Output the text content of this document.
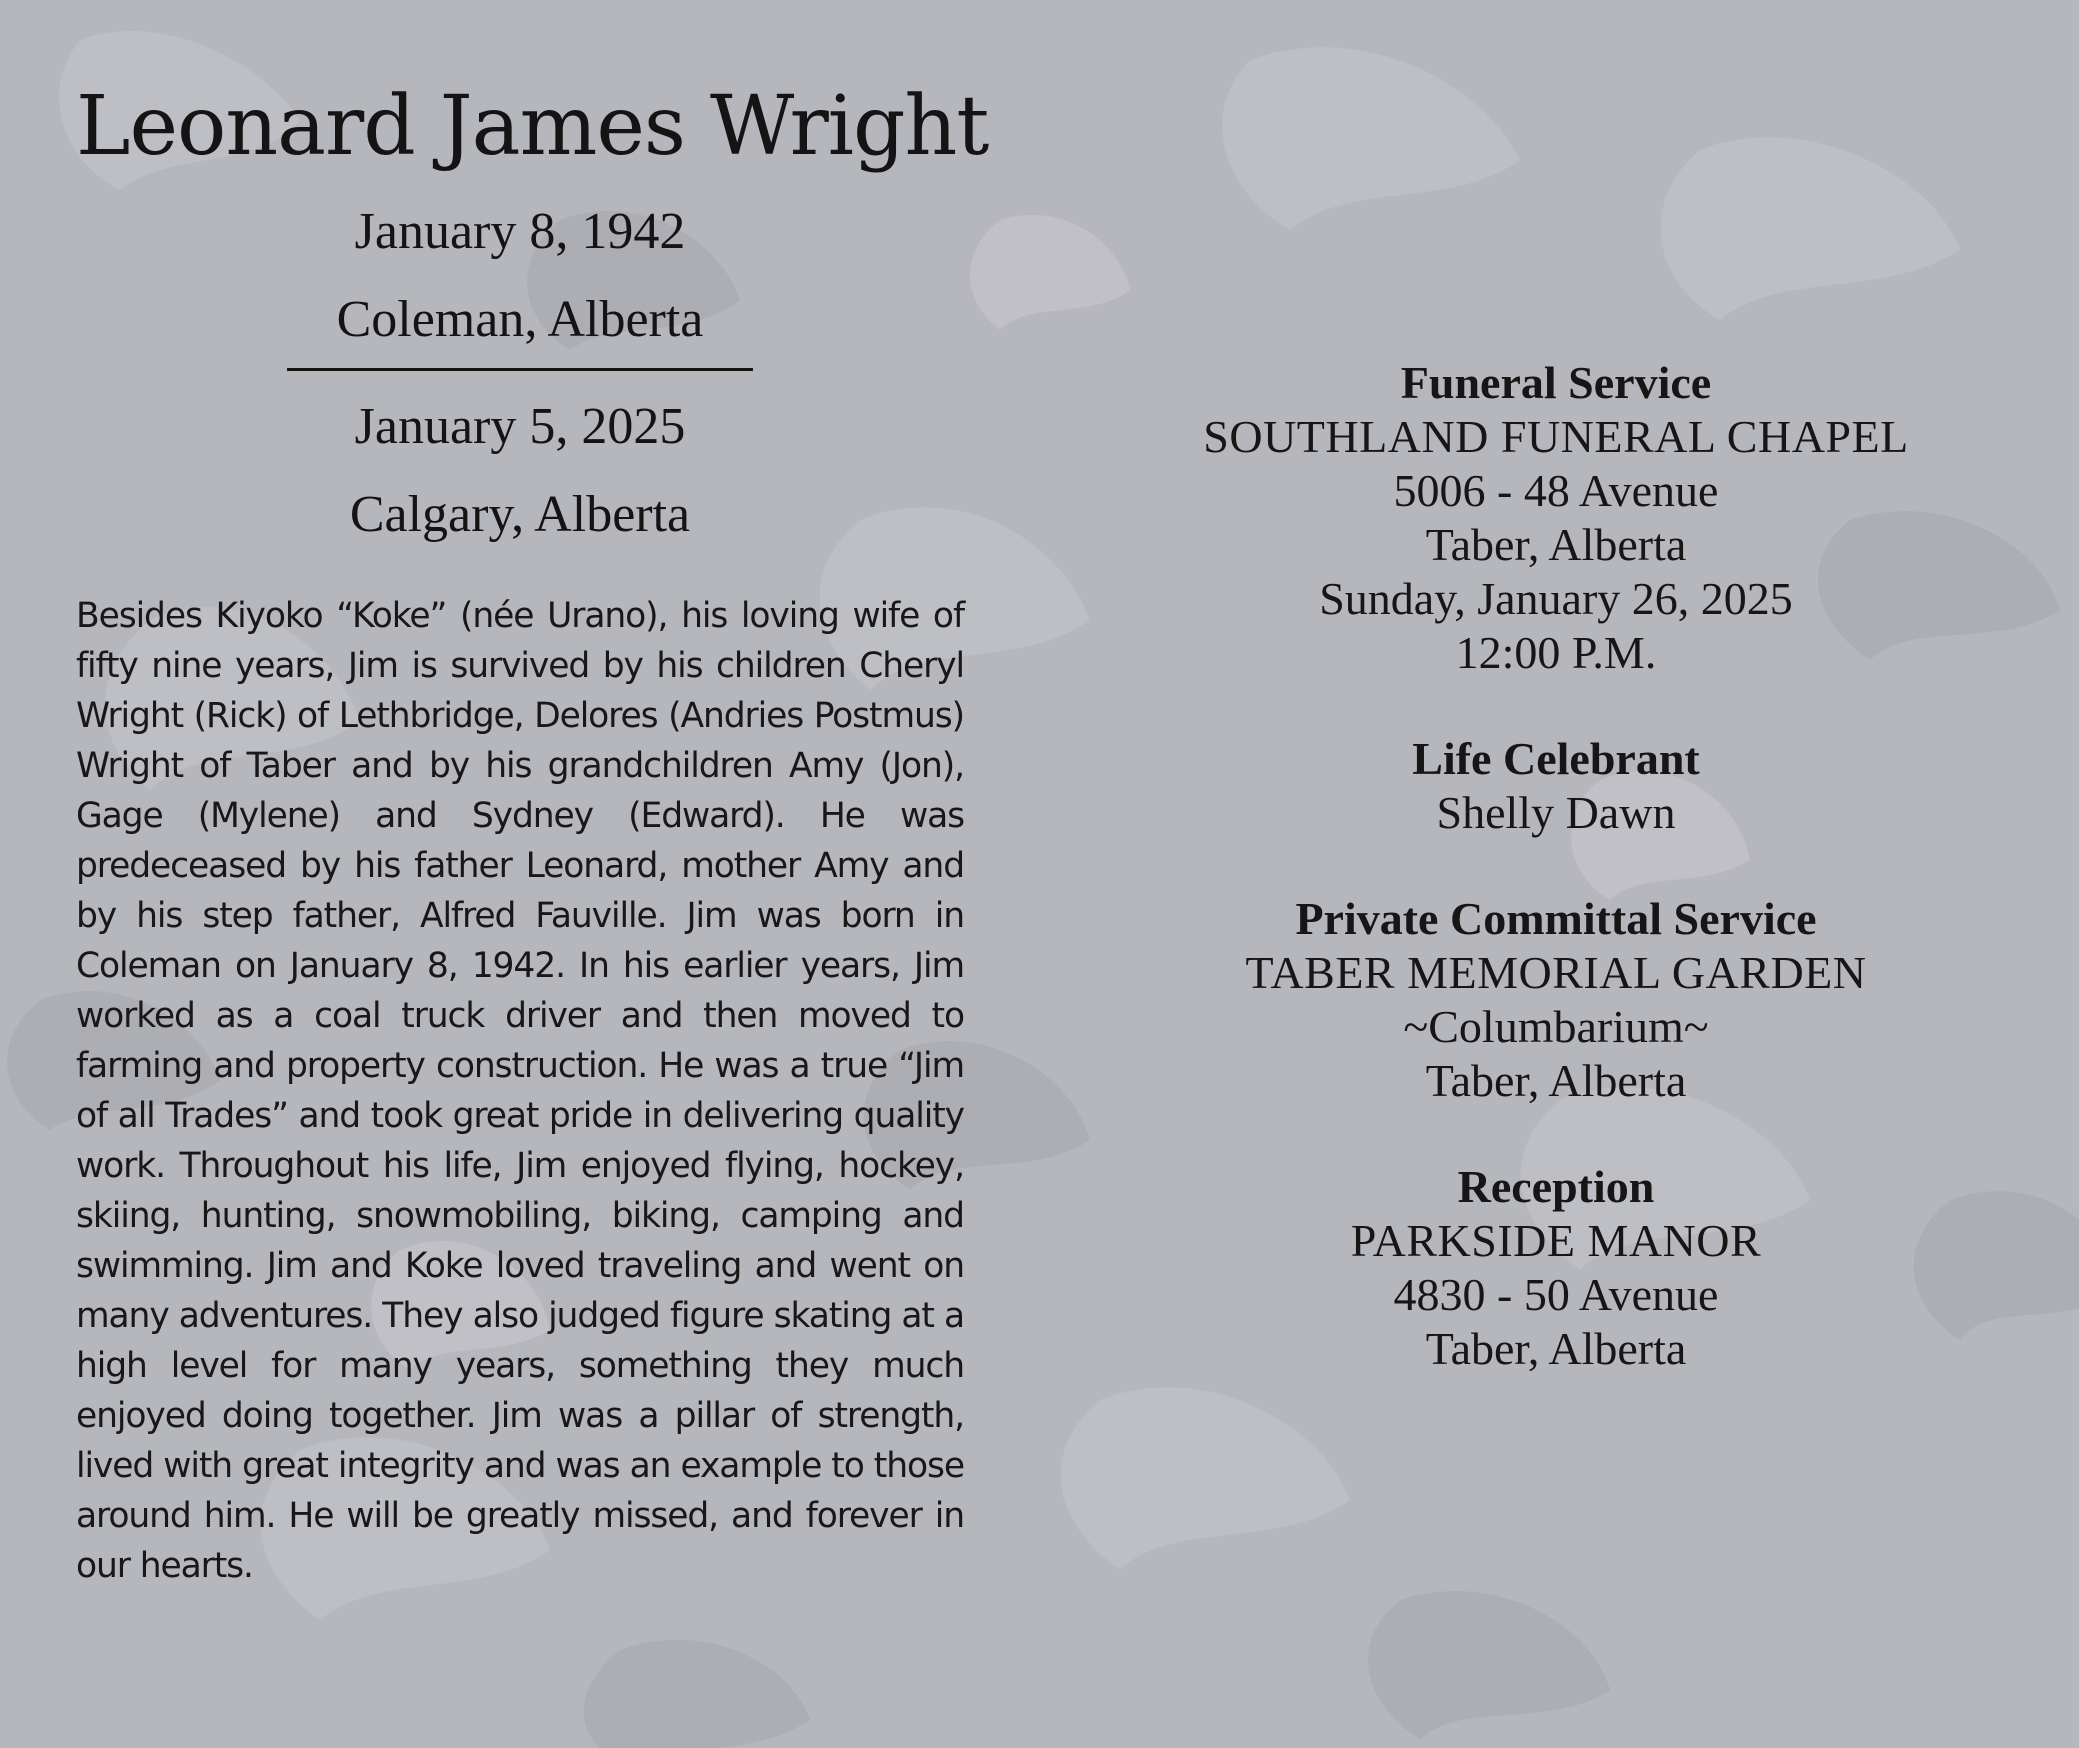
Leonard James Wright
January 8, 1942
Coleman, Alberta
January 5, 2025
Calgary, Alberta

Besides Kiyoko “Koke” (née Urano), his loving wife of fifty nine years, Jim is survived by his children Cheryl Wright (Rick) of Lethbridge, Delores (Andries Postmus) Wright of Taber and by his grandchildren Amy (Jon), Gage (Mylene) and Sydney (Edward). He was predeceased by his father Leonard, mother Amy and by his step father, Alfred Fauville. Jim was born in Coleman on January 8, 1942. In his earlier years, Jim worked as a coal truck driver and then moved to farming and property construction. He was a true “Jim of all Trades” and took great pride in delivering quality work. Throughout his life, Jim enjoyed flying, hockey, skiing, hunting, snowmobiling, biking, camping and swimming. Jim and Koke loved traveling and went on many adventures. They also judged figure skating at a high level for many years, something they much enjoyed doing together. Jim was a pillar of strength, lived with great integrity and was an example to those around him. He will be greatly missed, and forever in our hearts.

Funeral Service
SOUTHLAND FUNERAL CHAPEL
5006 - 48 Avenue
Taber, Alberta
Sunday, January 26, 2025
12:00 P.M.
Life Celebrant
Shelly Dawn
Private Committal Service
TABER MEMORIAL GARDEN
~Columbarium~
Taber, Alberta
Reception
PARKSIDE MANOR
4830 - 50 Avenue
Taber, Alberta
